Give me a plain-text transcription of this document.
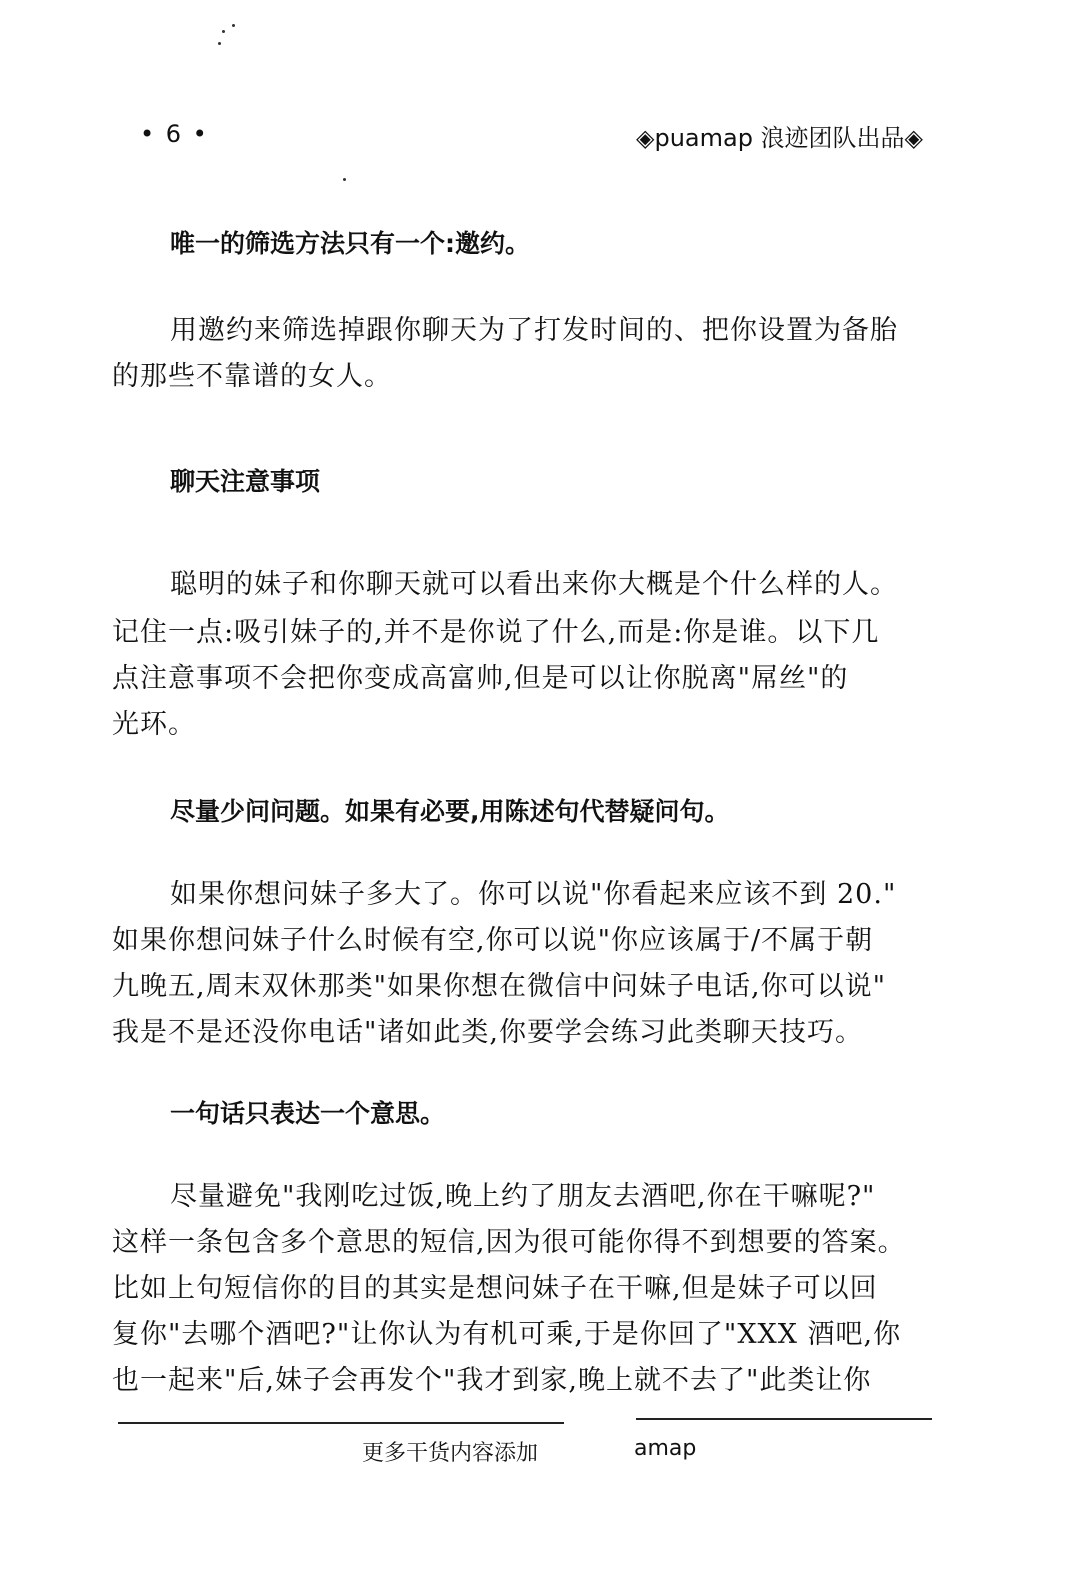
• 6 •	◈puamap 浪迹团队出品◈
唯一的筛选方法只有一个:邀约。
用邀约来筛选掉跟你聊天为了打发时间的、把你设置为备胎
的那些不靠谱的女人。
聊天注意事项
聪明的妹子和你聊天就可以看出来你大概是个什么样的人。
记住一点:吸引妹子的,并不是你说了什么,而是:你是谁。以下几
点注意事项不会把你变成高富帅,但是可以让你脱离"屌丝"的
光环。
尽量少问问题。如果有必要,用陈述句代替疑问句。
如果你想问妹子多大了。你可以说"你看起来应该不到 20."
如果你想问妹子什么时候有空,你可以说"你应该属于/不属于朝
九晚五,周末双休那类"如果你想在微信中问妹子电话,你可以说"
我是不是还没你电话"诸如此类,你要学会练习此类聊天技巧。
一句话只表达一个意思。
尽量避免"我刚吃过饭,晚上约了朋友去酒吧,你在干嘛呢?"
这样一条包含多个意思的短信,因为很可能你得不到想要的答案。
比如上句短信你的目的其实是想问妹子在干嘛,但是妹子可以回
复你"去哪个酒吧?"让你认为有机可乘,于是你回了"XXX 酒吧,你
也一起来"后,妹子会再发个"我才到家,晚上就不去了"此类让你
更多干货内容添加	amap
